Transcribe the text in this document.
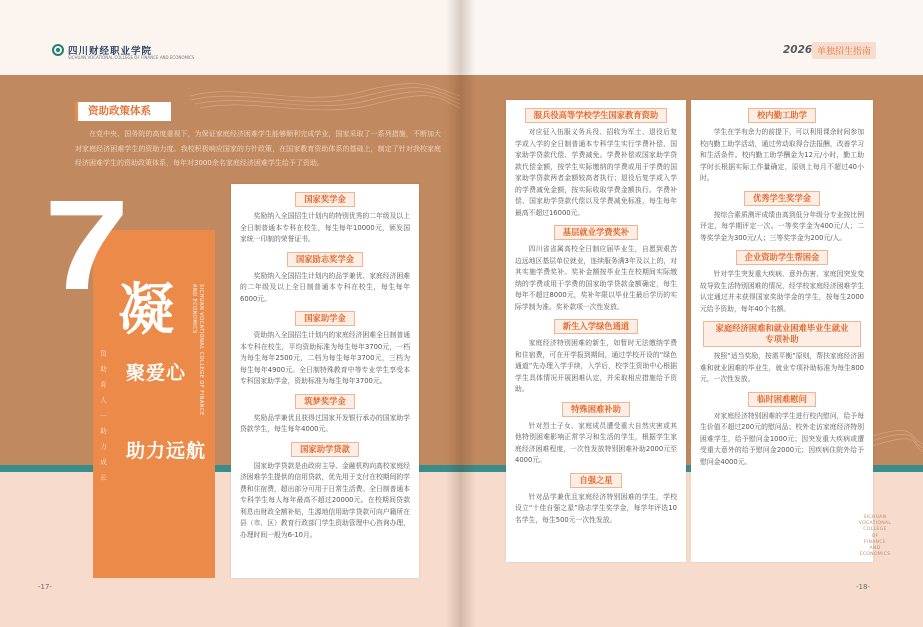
四川财经职业学院
SICHUAN VOCATIONAL COLLEGE OF FINANCE AND ECONOMICS
2026 单独招生指南
资助政策体系

在党中央、国务院的高度重视下，为保证家庭经济困难学生能够顺利完成学业，国家采取了一系列措施，不断加大对家庭经济困难学生的资助力度。我校积极响应国家的方针政策，在国家教育资助体系的基础上，制定了针对我校家庭经济困难学生的资助政策体系，每年对3000余名家庭经济困难学生给予了资助。

7
凝	SICHUAN VOCATIONAL COLLEGE OF FINANCE AND ECONOMICS
聚爱心
助力远航
资助育人｜助力成长
国家奖学金

奖励纳入全国招生计划内的特别优秀的二年级及以上全日制普通本专科在校生，每生每年10000元，颁发国家统一印制的荣誉证书。

国家励志奖学金

奖励纳入全国招生计划内的品学兼优、家庭经济困难的二年级及以上全日制普通本专科在校生，每生每年6000元。

国家助学金

资助纳入全国招生计划内的家庭经济困难全日制普通本专科在校生，平均资助标准为每生每年3700元，一档为每生每年2500元，二档为每生每年3700元，三档为每生每年4900元。全日制特殊教育中等专业学生享受本专科国家助学金，资助标准为每生每年3700元。

筑梦奖学金

奖励品学兼优且获得过国家开发银行承办的国家助学贷款学生，每生每年4000元。

国家助学贷款

国家助学贷款是由政府主导、金融机构向高校家庭经济困难学生提供的信用贷款，优先用于支付在校期间的学费和住宿费，超出部分可用于日常生活费。全日制普通本专科学生每人每年最高不超过20000元。在校期间贷款利息由财政全额补贴，生源地信用助学贷款可向户籍所在县（市、区）教育行政部门学生资助管理中心咨询办理，办理时间一般为6-10月。

-17-
服兵役高等学校学生国家教育资助

对应征入伍服义务兵役、招收为军士、退役后复学或入学的全日制普通本专科学生实行学费补偿、国家助学贷款代偿、学费减免。学费补偿或国家助学贷款代偿金额，按学生实际缴纳的学费或用于学费的国家助学贷款两者金额较高者执行；退役后复学或入学的学费减免金额，按实际收取学费金额执行。学费补偿、国家助学贷款代偿以及学费减免标准，每生每年最高不超过16000元。

基层就业学费奖补

四川省省属高校全日制应届毕业生，自愿到艰苦边远地区基层单位就业，连续服务满3年及以上的，对其实施学费奖补。奖补金额按毕业生在校期间实际缴纳的学费或用于学费的国家助学贷款金额确定，每生每年不超过8000元，奖补年限以毕业生最后学历的实际学制为准。奖补款项一次性发放。

新生入学绿色通道

家庭经济特别困难的新生，如暂时无法缴纳学费和住宿费，可在开学报到期间，通过学校开设的“绿色通道”先办理入学手续，入学后，校学生资助中心根据学生具体情况开展困难认定，并采取相应措施给予资助。

特殊困难补助

针对烈士子女、家庭成员遭受重大自然灾害或其他特别困难影响正常学习和生活的学生，根据学生家庭经济困难程度，一次性发放特别困难补助2000元至4000元。

自强之星

针对品学兼优且家庭经济特别困难的学生，学校设立“十佳自强之星”励志学生奖学金，每学年评选10名学生，每生500元一次性发放。

校内勤工助学

学生在学有余力的前提下，可以利用课余时间参加校内勤工助学活动，通过劳动取得合法报酬，改善学习和生活条件。校内勤工助学酬金为12元/小时，勤工助学时长根据实际工作量确定，原则上每月不超过40小时。

优秀学生奖学金

按综合素质测评成绩由高到低分年级分专业按比例评定，每学期评定一次。一等奖学金为400元/人；二等奖学金为300元/人；三等奖学金为200元/人。

企业资助学生帮困金

针对学生突发重大疾病、意外伤害、家庭因突发变故导致生活特别困难的情况，经学校家庭经济困难学生认定通过并未获得国家奖助学金的学生，按每生2000元给予资助，每年40个名额。

家庭经济困难和就业困难毕业生就业专项补助

按照“适当奖励，按需平衡”原则，帮扶家庭经济困难和就业困难的毕业生，就业专项补助标准为每生800元，一次性发放。

临时困难慰问

对家庭经济特别困难的学生进行校内慰问，给予每生价值不超过200元的慰问品；校外走访家庭经济特别困难学生，给予慰问金1000元；因突发重大疾病或遭受重大意外的给予慰问金2000元；因疾病住院外给予慰问金4000元。

SICHUAN
VOCATIONAL
COLLEGE
OF
FINANCE
AND
ECONOMICS
-18-
